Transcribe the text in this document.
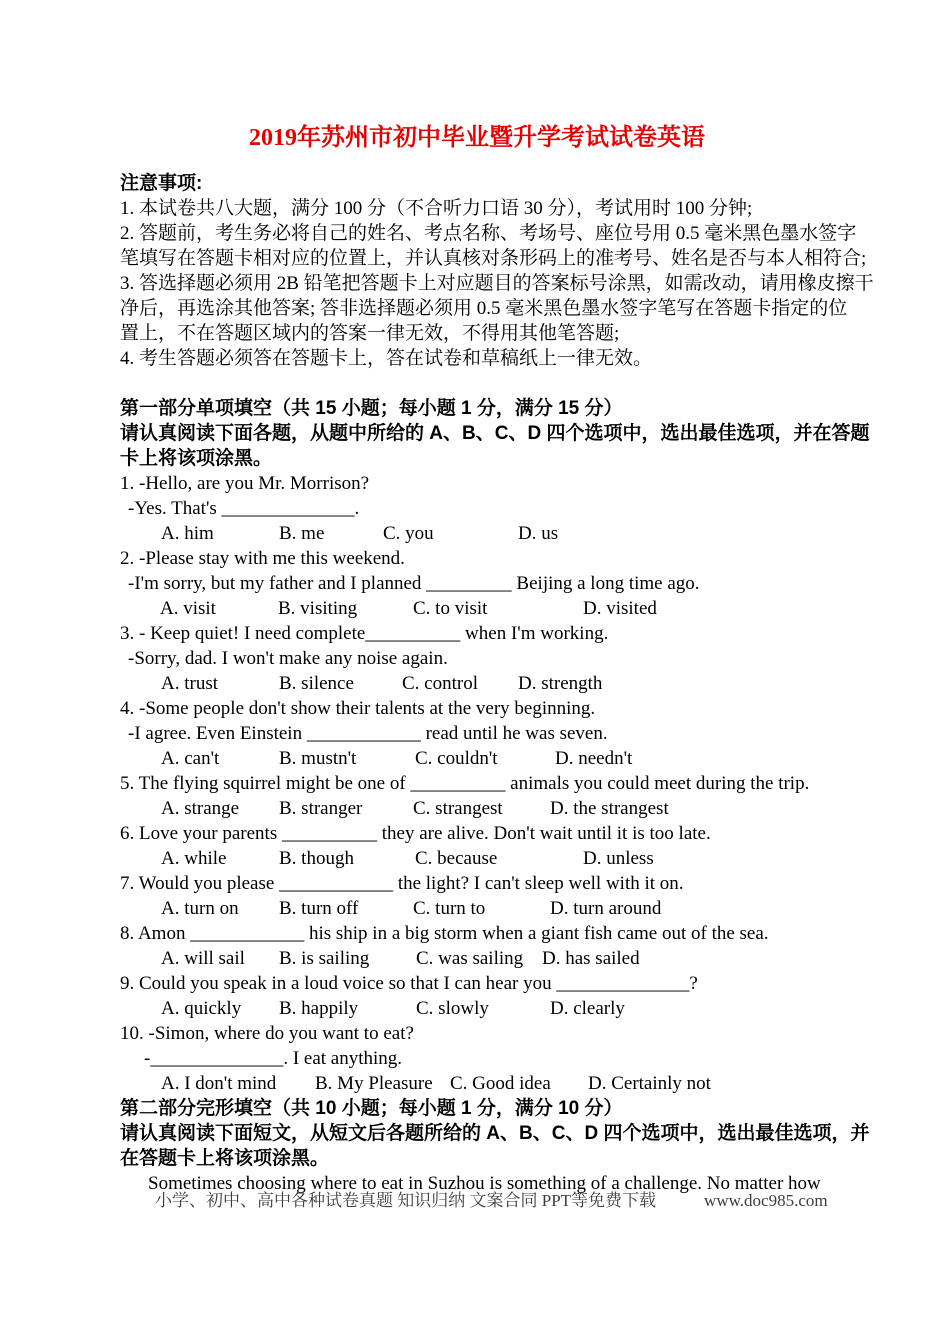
2019年苏州市初中毕业暨升学考试试卷英语
注意事项:
1. 本试卷共八大题，满分 100 分（不合听力口语 30 分），考试用时 100 分钟;
2. 答题前，考生务必将自己的姓名、考点名称、考场号、座位号用 0.5 毫米黑色墨水签字
笔填写在答题卡相对应的位置上，并认真核对条形码上的准考号、姓名是否与本人相符合;
3. 答选择题必须用 2B 铅笔把答题卡上对应题目的答案标号涂黑，如需改动，请用橡皮擦干
净后，再选涂其他答案; 答非选择题必须用 0.5 毫米黑色墨水签字笔写在答题卡指定的位
置上，不在答题区域内的答案一律无效，不得用其他笔答题;
4. 考生答题必须答在答题卡上，答在试卷和草稿纸上一律无效。
第一部分单项填空（共 15 小题；每小题 1 分，满分 15 分）
请认真阅读下面各题，从题中所给的 A、B、C、D 四个选项中，选出最佳选项，并在答题
卡上将该项涂黑。
1. -Hello, are you Mr. Morrison?
-Yes. That's ______________.
A. him	B. me	C. you	D. us
2. -Please stay with me this weekend.
-I'm sorry, but my father and I planned _________ Beijing a long time ago.
A. visit	B. visiting	C. to visit	D. visited
3. - Keep quiet! I need complete__________ when I'm working.
-Sorry, dad. I won't make any noise again.
A. trust	B. silence	C. control D. strength
4. -Some people don't show their talents at the very beginning.
-I agree. Even Einstein ____________ read until he was seven.
A. can't	B. mustn't	C. couldn't	D. needn't
5. The flying squirrel might be one of __________ animals you could meet during the trip.
A. strange B. stranger	C. strangest D. the strangest
6. Love your parents __________ they are alive. Don't wait until it is too late.
A. while	B. though	C. because	D. unless
7. Would you please ____________ the light? I can't sleep well with it on.
A. turn on B. turn off	C. turn to	D. turn around
8. Amon ____________ his ship in a big storm when a giant fish came out of the sea.
A. will sail B. is sailing C. was sailing D. has sailed
9. Could you speak in a loud voice so that I can hear you ______________?
A. quickly B. happily	C. slowly	D. clearly
10. -Simon, where do you want to eat?
-______________. I eat anything.
A. I don't mind B. My Pleasure C. Good idea D. Certainly not
第二部分完形填空（共 10 小题；每小题 1 分，满分 10 分）
请认真阅读下面短文，从短文后各题所给的 A、B、C、D 四个选项中，选出最佳选项，并
在答题卡上将该项涂黑。
Sometimes choosing where to eat in Suzhou is something of a challenge. No matter how
小学、初中、高中各种试卷真题 知识归纳 文案合同 PPT等免费下载	www.doc985.com
